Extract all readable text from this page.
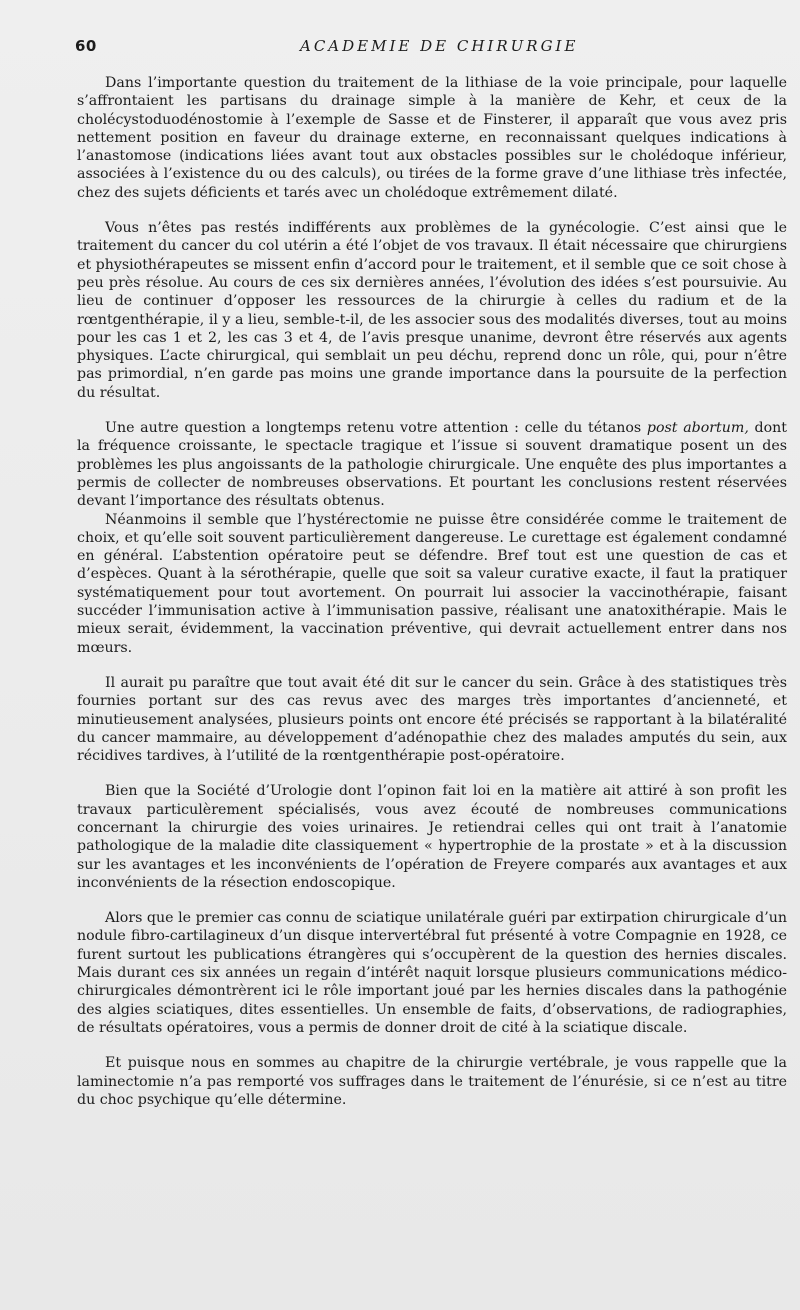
60	ACADEMIE DE CHIRURGIE

Dans l’importante question du traitement de la lithiase de la voie principale, pour laquelle s’affrontaient les partisans du drainage simple à la manière de Kehr, et ceux de la cholécystoduodénostomie à l’exemple de Sasse et de Finsterer, il apparaît que vous avez pris nettement position en faveur du drainage externe, en reconnaissant quelques indications à l’anastomose (indications liées avant tout aux obstacles possibles sur le cholédoque inférieur, associées à l’existence du ou des calculs), ou tirées de la forme grave d’une lithiase très infectée, chez des sujets déficients et tarés avec un cholédoque extrêmement dilaté.

Vous n’êtes pas restés indifférents aux problèmes de la gynécologie. C’est ainsi que le traitement du cancer du col utérin a été l’objet de vos travaux. Il était nécessaire que chirurgiens et physiothérapeutes se missent enfin d’accord pour le traitement, et il semble que ce soit chose à peu près résolue. Au cours de ces six dernières années, l’évolution des idées s’est poursuivie. Au lieu de continuer d’opposer les ressources de la chirurgie à celles du radium et de la rœntgenthérapie, il y a lieu, semble-t-il, de les associer sous des modalités diverses, tout au moins pour les cas 1 et 2, les cas 3 et 4, de l’avis presque unanime, devront être réservés aux agents physiques. L’acte chirurgical, qui semblait un peu déchu, reprend donc un rôle, qui, pour n’être pas primordial, n’en garde pas moins une grande importance dans la poursuite de la perfection du résultat.

Une autre question a longtemps retenu votre attention : celle du tétanos post abortum, dont la fréquence croissante, le spectacle tragique et l’issue si souvent dramatique posent un des problèmes les plus angoissants de la pathologie chirurgicale. Une enquête des plus importantes a permis de collecter de nombreuses observations. Et pourtant les conclusions restent réservées devant l’importance des résultats obtenus.

Néanmoins il semble que l’hystérectomie ne puisse être considérée comme le traitement de choix, et qu’elle soit souvent particulièrement dangereuse. Le curettage est également condamné en général. L’abstention opératoire peut se défendre. Bref tout est une question de cas et d’espèces. Quant à la sérothérapie, quelle que soit sa valeur curative exacte, il faut la pratiquer systématiquement pour tout avortement. On pourrait lui associer la vaccinothérapie, faisant succéder l’immunisation active à l’immunisation passive, réalisant une anatoxithérapie. Mais le mieux serait, évidemment, la vaccination préventive, qui devrait actuellement entrer dans nos mœurs.

Il aurait pu paraître que tout avait été dit sur le cancer du sein. Grâce à des statistiques très fournies portant sur des cas revus avec des marges très importantes d’ancienneté, et minutieusement analysées, plusieurs points ont encore été précisés se rapportant à la bilatéralité du cancer mammaire, au développement d’adénopathie chez des malades amputés du sein, aux récidives tardives, à l’utilité de la rœntgenthérapie post-opératoire.

Bien que la Société d’Urologie dont l’opinon fait loi en la matière ait attiré à son profit les travaux particulèrement spécialisés, vous avez écouté de nombreuses communications concernant la chirurgie des voies urinaires. Je retiendrai celles qui ont trait à l’anatomie pathologique de la maladie dite classiquement « hypertrophie de la prostate » et à la discussion sur les avantages et les inconvénients de l’opération de Freyere comparés aux avantages et aux inconvénients de la résection endoscopique.

Alors que le premier cas connu de sciatique unilatérale guéri par extirpation chirurgicale d’un nodule fibro-cartilagineux d’un disque intervertébral fut présenté à votre Compagnie en 1928, ce furent surtout les publications étrangères qui s’occupèrent de la question des hernies discales. Mais durant ces six années un regain d’intérêt naquit lorsque plusieurs communications médico-chirurgicales démontrèrent ici le rôle important joué par les hernies discales dans la pathogénie des algies sciatiques, dites essentielles. Un ensemble de faits, d’observations, de radiographies, de résultats opératoires, vous a permis de donner droit de cité à la sciatique discale.

Et puisque nous en sommes au chapitre de la chirurgie vertébrale, je vous rappelle que la laminectomie n’a pas remporté vos suffrages dans le traitement de l’énurésie, si ce n’est au titre du choc psychique qu’elle détermine.
